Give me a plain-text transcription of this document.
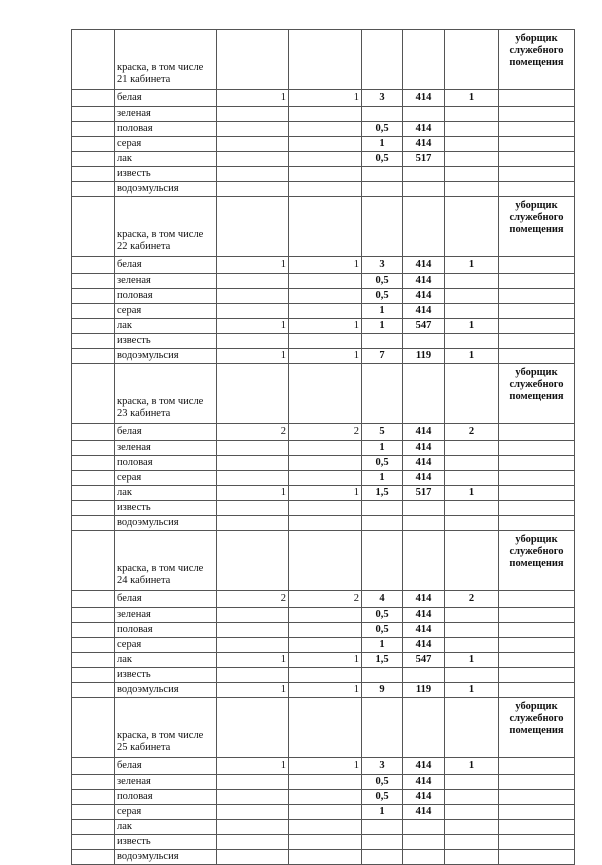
	краска, в том числе 21 кабинета						уборщик служебного помещения
	белая	1	1	3	414	1	
	зеленая						
	половая			0,5	414		
	серая			1	414		
	лак			0,5	517		
	известь						
	водоэмульсия						
	краска, в том числе 22 кабинета						уборщик служебного помещения
	белая	1	1	3	414	1	
	зеленая			0,5	414		
	половая			0,5	414		
	серая			1	414		
	лак	1	1	1	547	1	
	известь						
	водоэмульсия	1	1	7	119	1	
	краска, в том числе 23 кабинета						уборщик служебного помещения
	белая	2	2	5	414	2	
	зеленая			1	414		
	половая			0,5	414		
	серая			1	414		
	лак	1	1	1,5	517	1	
	известь						
	водоэмульсия						
	краска, в том числе 24 кабинета						уборщик служебного помещения
	белая	2	2	4	414	2	
	зеленая			0,5	414		
	половая			0,5	414		
	серая			1	414		
	лак	1	1	1,5	547	1	
	известь						
	водоэмульсия	1	1	9	119	1	
	краска, в том числе 25 кабинета						уборщик служебного помещения
	белая	1	1	3	414	1	
	зеленая			0,5	414		
	половая			0,5	414		
	серая			1	414		
	лак						
	известь						
	водоэмульсия						
